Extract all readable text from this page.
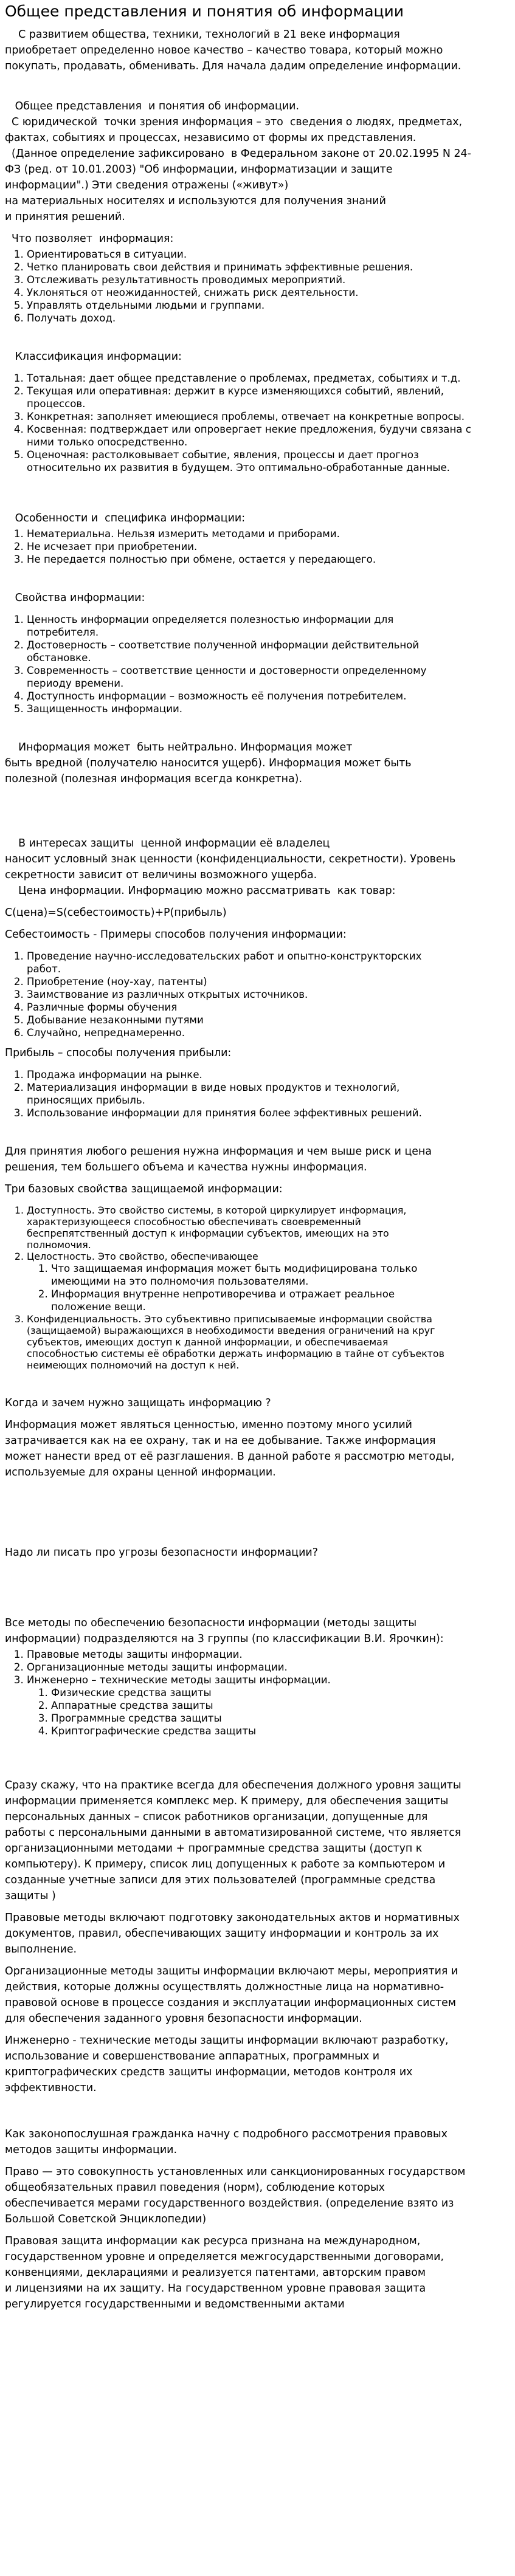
Общее представления и понятия об информации

С развитием общества, техники, технологий в 21 веке информация

приобретает определенно новое качество – качество товара, который можно

покупать, продавать, обменивать. Для начала дадим определение информации.

Общее представления  и понятия об информации.

С юридической  точки зрения информация – это  сведения о людях, предметах,

фактах, событиях и процессах, независимо от формы их представления.

(Данное определение зафиксировано  в Федеральном законе от 20.02.1995 N 24-

ФЗ (ред. от 10.01.2003) "Об информации, информатизации и защите

информации".) Эти сведения отражены («живут»)

на материальных носителях и используются для получения знаний

и принятия решений.

Что позволяет  информация:

1. Ориентироваться в ситуации.
2. Четко планировать свои действия и принимать эффективные решения.
3. Отслеживать результативность проводимых мероприятий.
4. Уклоняться от неожиданностей, снижать риск деятельности.
5. Управлять отдельными людьми и группами.
6. Получать доход.

Классификация информации:

1. Тотальная: дает общее представление о проблемах, предметах, событиях и т.д.
2. Текущая или оперативная: держит в курсе изменяющихся событий, явлений, процессов.
3. Конкретная: заполняет имеющиеся проблемы, отвечает на конкретные вопросы.
4. Косвенная: подтверждает или опровергает некие предложения, будучи связана с ними только опосредственно.
5. Оценочная: растолковывает событие, явления, процессы и дает прогноз относительно их развития в будущем. Это оптимально-обработанные данные.

Особенности и  специфика информации:

1. Нематериальна. Нельзя измерить методами и приборами.
2. Не исчезает при приобретении.
3. Не передается полностью при обмене, остается у передающего.

Свойства информации:

1. Ценность информации определяется полезностью информации для потребителя.
2. Достоверность – соответствие полученной информации действительной обстановке.
3. Современность – соответствие ценности и достоверности определенному периоду времени.
4. Доступность информации – возможность её получения потребителем.
5. Защищенность информации.

Информация может  быть нейтрально. Информация может

быть вредной (получателю наносится ущерб). Информация может быть

полезной (полезная информация всегда конкретна).

В интересах защиты  ценной информации её владелец

наносит условный знак ценности (конфиденциальности, секретности). Уровень

секретности зависит от величины возможного ущерба.

Цена информации. Информацию можно рассматривать  как товар:

С(цена)=S(себестоимость)+P(прибыль)

Себестоимость - Примеры способов получения информации:

1. Проведение научно-исследовательских работ и опытно-конструкторских работ.
2. Приобретение (ноу-хау, патенты)
3. Заимствование из различных открытых источников.
4. Различные формы обучения
5. Добывание незаконными путями
6. Случайно, непреднамеренно.

Прибыль – способы получения прибыли:

1. Продажа информации на рынке.
2. Материализация информации в виде новых продуктов и технологий, приносящих прибыль.
3. Использование информации для принятия более эффективных решений.

Для принятия любого решения нужна информация и чем выше риск и цена

решения, тем большего объема и качества нужны информация.

Три базовых свойства защищаемой информации:

1. Доступность. Это свойство системы, в которой циркулирует информация, характеризующееся способностью обеспечивать своевременный беспрепятственный доступ к информации субъектов, имеющих на это полномочия.
2. Целостность. Это свойство, обеспечивающее
1. Что защищаемая информация может быть модифицирована только имеющими на это полномочия пользователями.
2. Информация внутренне непротиворечива и отражает реальное положение вещи.
3. Конфиденциальность. Это субъективно приписываемые информации свойства (защищаемой) выражающихся в необходимости введения ограничений на круг субъектов, имеющих доступ к данной информации, и обеспечиваемая способностью системы её обработки держать информацию в тайне от субъектов неимеющих полномочий на доступ к ней.

Когда и зачем нужно защищать информацию ?

Информация может являться ценностью, именно поэтому много усилий

затрачивается как на ее охрану, так и на ее добывание. Также информация

может нанести вред от её разглашения. В данной работе я рассмотрю методы,

используемые для охраны ценной информации.

Надо ли писать про угрозы безопасности информации?

Все методы по обеспечению безопасности информации (методы защиты

информации) подразделяются на 3 группы (по классификации В.И. Ярочкин):

1. Правовые методы защиты информации.
2. Организационные методы защиты информации.
3. Инженерно – технические методы защиты информации.
1. Физические средства защиты
2. Аппаратные средства защиты
3. Программные средства защиты
4. Криптографические средства защиты

Сразу скажу, что на практике всегда для обеспечения должного уровня защиты

информации применяется комплекс мер. К примеру, для обеспечения защиты

персональных данных – список работников организации, допущенные для

работы с персональными данными в автоматизированной системе, что является

организационными методами + программные средства защиты (доступ к

компьютеру). К примеру, список лиц допущенных к работе за компьютером и

созданные учетные записи для этих пользователей (программные средства

защиты )

Правовые методы включают подготовку законодательных актов и нормативных

документов, правил, обеспечивающих защиту информации и контроль за их

выполнение.

Организационные методы защиты информации включают меры, мероприятия и

действия, которые должны осуществлять должностные лица на нормативно-

правовой основе в процессе создания и эксплуатации информационных систем

для обеспечения заданного уровня безопасности информации.

Инженерно - технические методы защиты информации включают разработку,

использование и совершенствование аппаратных, программных и

криптографических средств защиты информации, методов контроля их

эффективности.

Как законопослушная гражданка начну с подробного рассмотрения правовых

методов защиты информации.

Право — это совокупность установленных или санкционированных государством

общеобязательных правил поведения (норм), соблюдение которых

обеспечивается мерами государственного воздействия. (определение взято из

Большой Советской Энциклопедии)

Правовая защита информации как ресурса признана на международном,

государственном уровне и определяется межгосударственными договорами,

конвенциями, декларациями и реализуется патентами, авторским правом

и лицензиями на их защиту. На государственном уровне правовая защита

регулируется государственными и ведомственными актами
